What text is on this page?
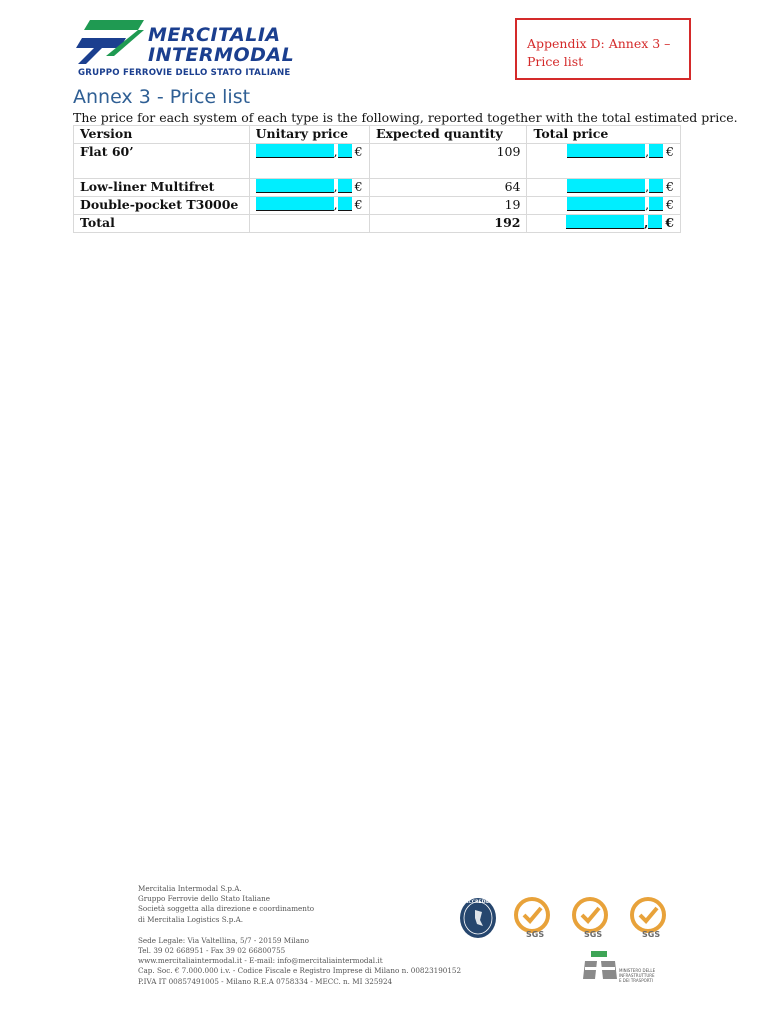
MERCITALIA
INTERMODAL
GRUPPO FERROVIE DELLO STATO ITALIANE
Appendix D: Annex 3 –
Price list
Annex 3 - Price list
The price for each system of each type is the following, reported together with the total estimated price.
Version	Unitary price	Expected quantity	Total price
Flat 60’	, €	109	, €
Low-liner Multifret	, €	64	, €
Double-pocket T3000e	, €	19	, €
Total		192	, €

Mercitalia Intermodal S.p.A.

Gruppo Ferrovie dello Stato Italiane

Società soggetta alla direzione e coordinamento

di Mercitalia Logistics S.p.A.

Sede Legale: Via Valtellina, 5/7 - 20159 Milano

Tel. 39 02 668951 - Fax 39 02 66800755

www.mercitaliaintermodal.it - E-mail: info@mercitaliaintermodal.it

Cap. Soc. € 7.000.000 i.v. - Codice Fiscale e Registro Imprese di Milano n. 00823190152

P.IVA IT 00857491005 - Milano R.E.A 0758334 - MECC. n. MI 325924

ACCREDIA
SGS	SGS	SGS
MINISTERO DELLE
INFRASTRUTTURE
E DEI TRASPORTI
